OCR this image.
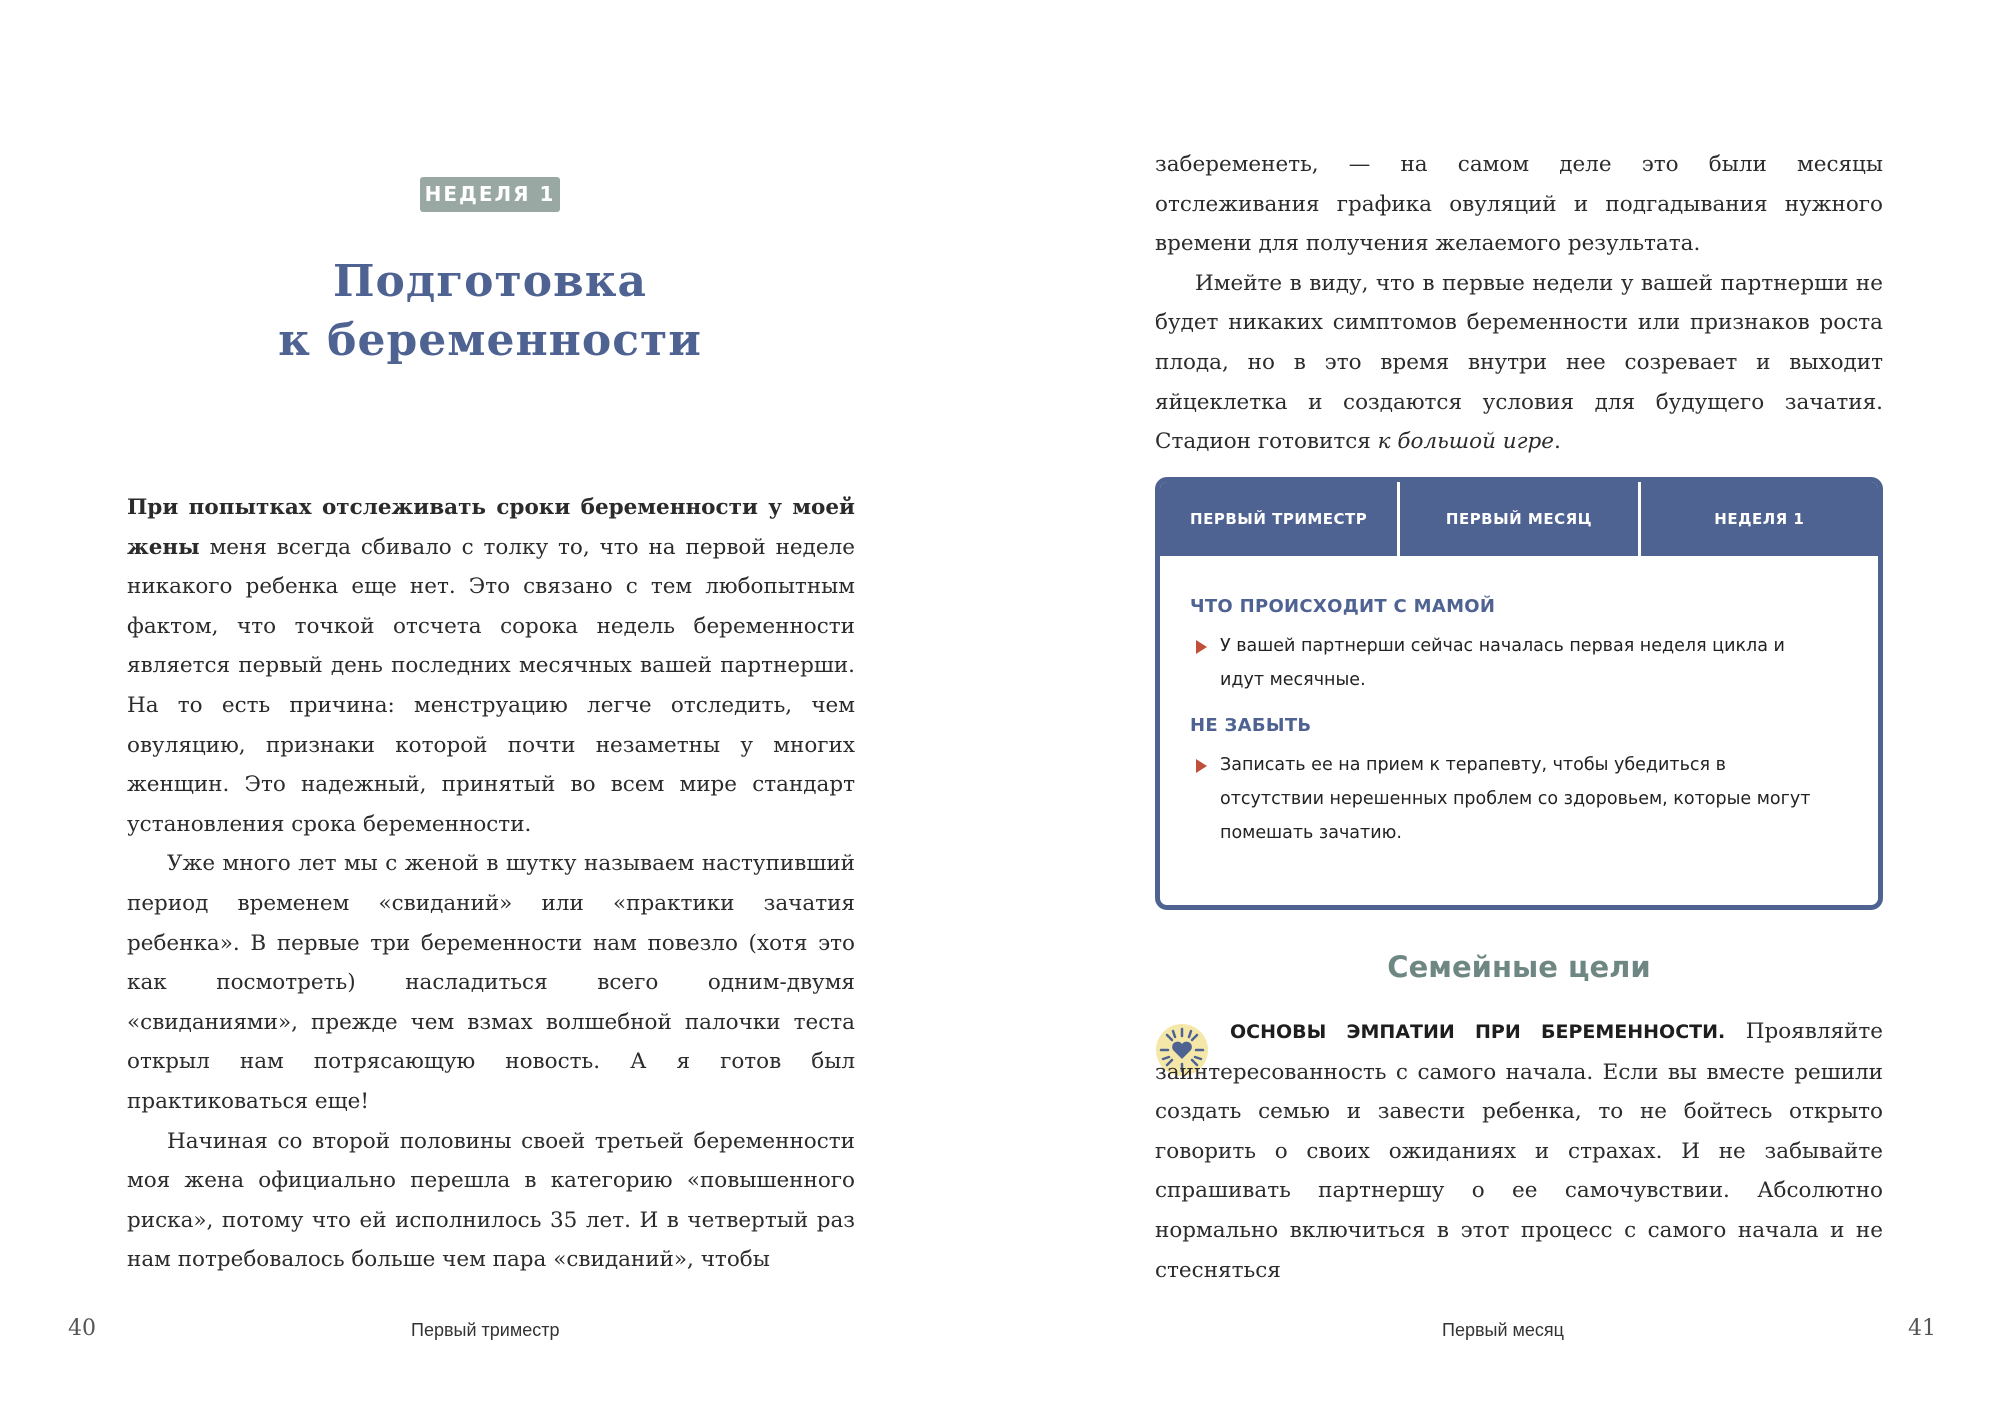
НЕДЕЛЯ 1
Подготовка
к беременности

При попытках отслеживать сроки беременности у моей жены меня всегда сбивало с толку то, что на первой неделе никакого ребенка еще нет. Это связано с тем любопытным фактом, что точкой отсчета сорока недель беременности является первый день последних месячных вашей партнерши. На то есть причина: менструацию легче отследить, чем овуляцию, признаки которой почти незаметны у многих женщин. Это надежный, принятый во всем мире стандарт установления срока беременности.

Уже много лет мы с женой в шутку называем наступивший период временем «свиданий» или «практики зачатия ребенка». В первые три беременности нам повезло (хотя это как посмотреть) насладиться всего одним-двумя «свиданиями», прежде чем взмах волшебной палочки теста открыл нам потрясающую новость. А я готов был практиковаться еще!

Начиная со второй половины своей третьей беременности моя жена официально перешла в категорию «повышенного риска», потому что ей исполнилось 35 лет. И в четвертый раз нам потребовалось больше чем пара «свиданий», чтобы

40	Первый триместр

забеременеть, — на самом деле это были месяцы отслеживания графика овуляций и подгадывания нужного времени для получения желаемого результата.

Имейте в виду, что в первые недели у вашей партнерши не будет никаких симптомов беременности или признаков роста плода, но в это время внутри нее созревает и выходит яйцеклетка и создаются условия для будущего зачатия. Стадион готовится к большой игре.

ПЕРВЫЙ ТРИМЕСТР	ПЕРВЫЙ МЕСЯЦ	НЕДЕЛЯ 1
ЧТО ПРОИСХОДИТ С МАМОЙ
У вашей партнерши сейчас началась первая неделя цикла и идут месячные.
НЕ ЗАБЫТЬ
Записать ее на прием к терапевту, чтобы убедиться в отсутствии нерешенных проблем со здоровьем, которые могут помешать зачатию.
Семейные цели

ОСНОВЫ ЭМПАТИИ ПРИ БЕРЕМЕННОСТИ. Проявляйте заинтересованность с самого начала. Если вы вместе решили создать семью и завести ребенка, то не бойтесь открыто говорить о своих ожиданиях и страхах. И не забывайте спрашивать партнершу о ее самочувствии. Абсолютно нормально включиться в этот процесс с самого начала и не стесняться

Первый месяц	41
